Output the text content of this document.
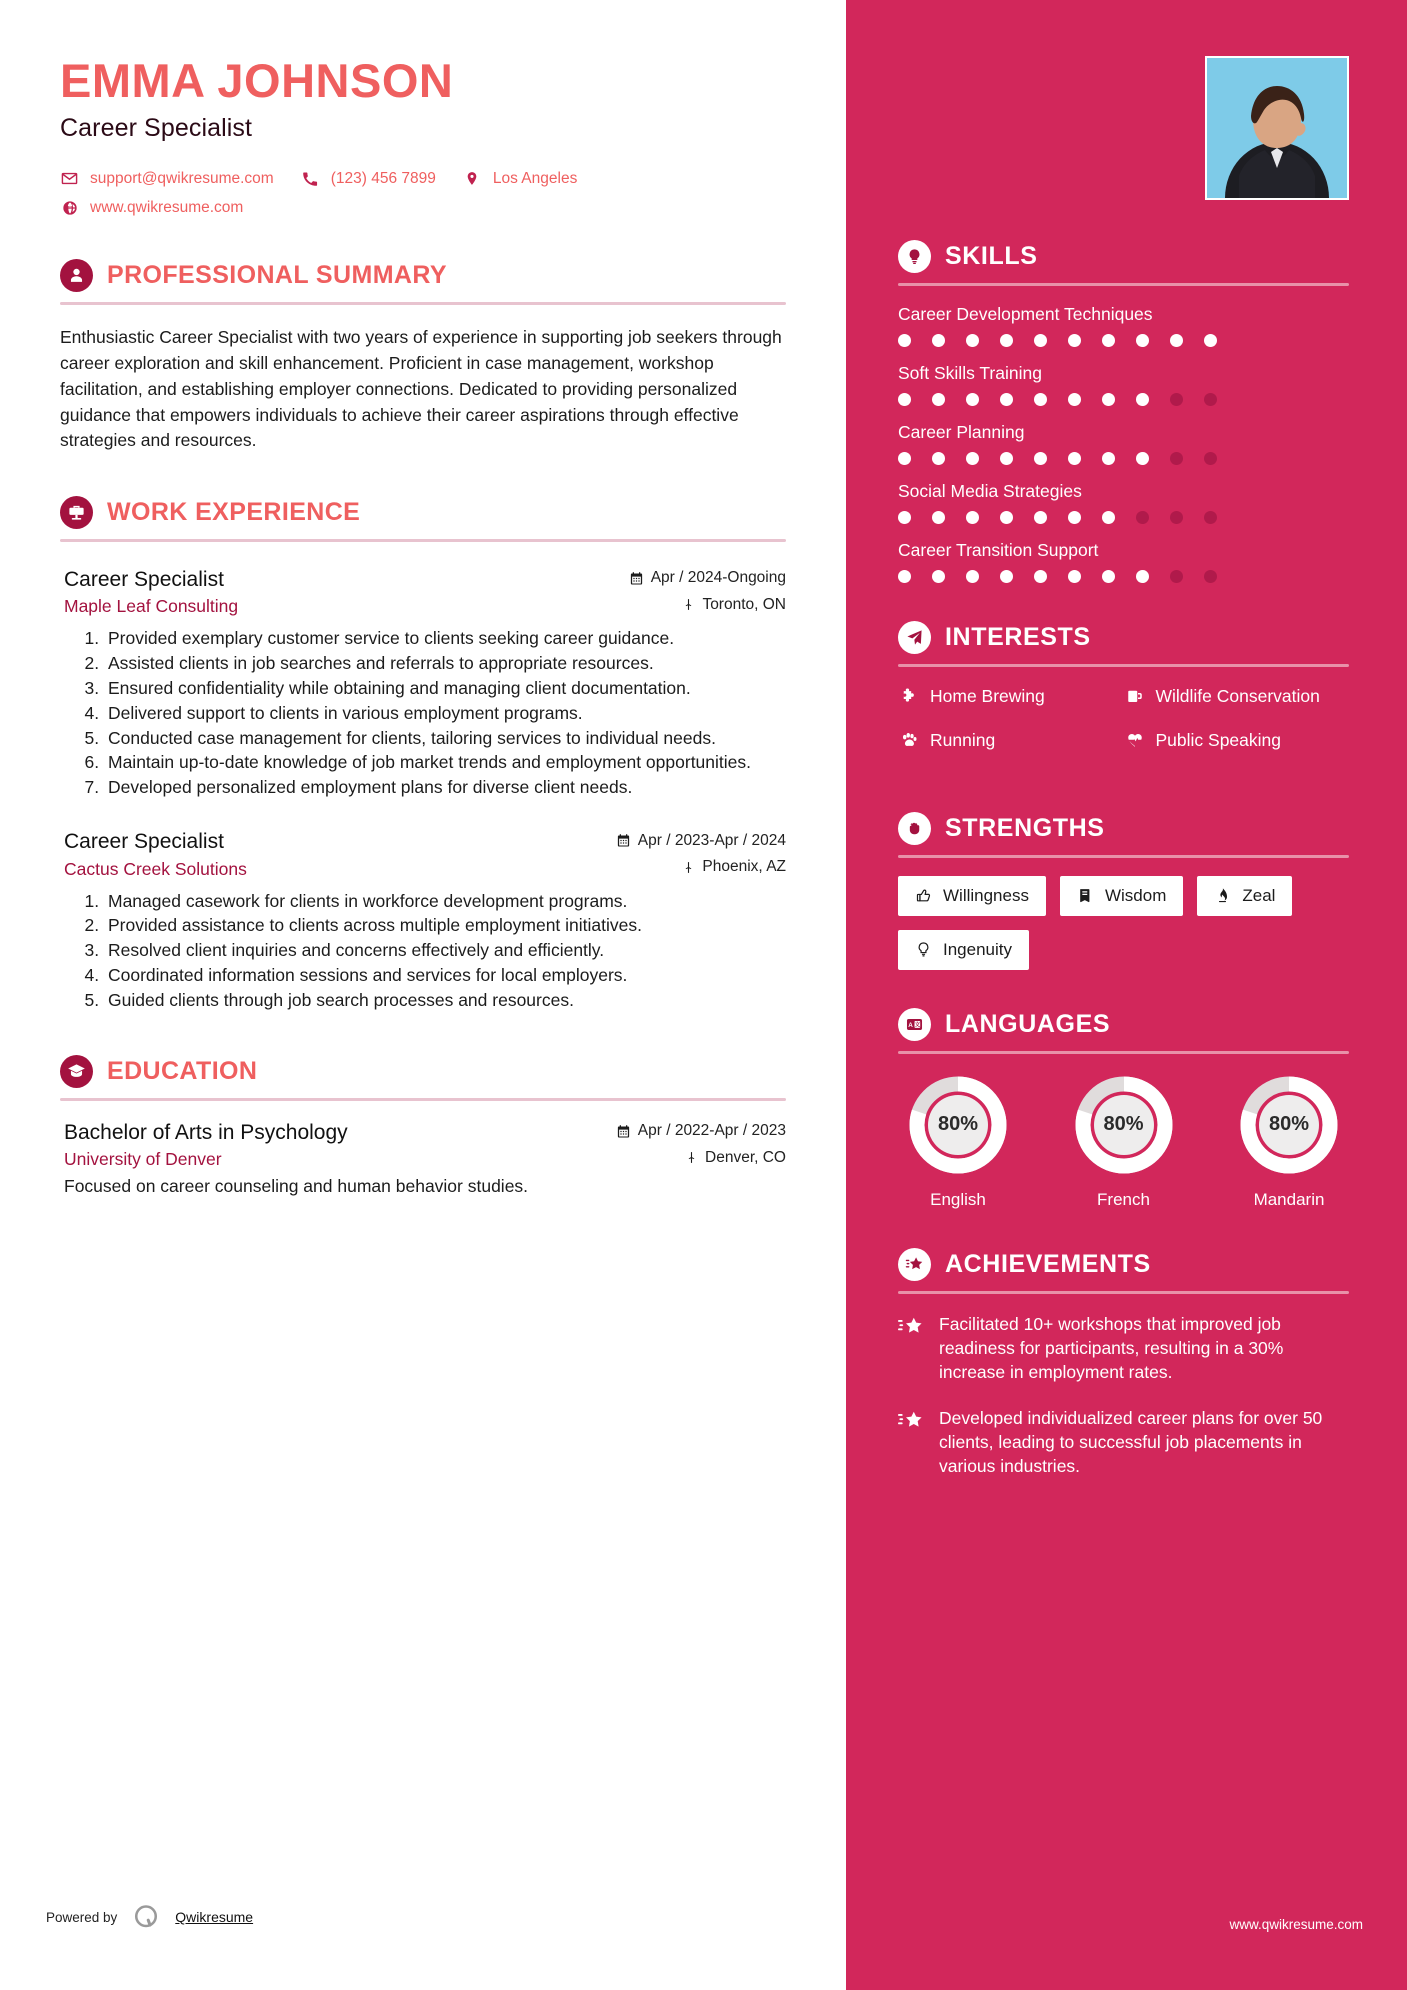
EMMA JOHNSON
Career Specialist
support@qwikresume.com	(123) 456 7899	Los Angeles
www.qwikresume.com
PROFESSIONAL SUMMARY

Enthusiastic Career Specialist with two years of experience in supporting job seekers through career exploration and skill enhancement. Proficient in case management, workshop facilitation, and establishing employer connections. Dedicated to providing personalized guidance that empowers individuals to achieve their career aspirations through effective strategies and resources.

WORK EXPERIENCE
Career Specialist	Apr / 2024-Ongoing
Maple Leaf Consulting	Toronto, ON
1. Provided exemplary customer service to clients seeking career guidance.
2. Assisted clients in job searches and referrals to appropriate resources.
3. Ensured confidentiality while obtaining and managing client documentation.
4. Delivered support to clients in various employment programs.
5. Conducted case management for clients, tailoring services to individual needs.
6. Maintain up-to-date knowledge of job market trends and employment opportunities.
7. Developed personalized employment plans for diverse client needs.
Career Specialist	Apr / 2023-Apr / 2024
Cactus Creek Solutions	Phoenix, AZ
1. Managed casework for clients in workforce development programs.
2. Provided assistance to clients across multiple employment initiatives.
3. Resolved client inquiries and concerns effectively and efficiently.
4. Coordinated information sessions and services for local employers.
5. Guided clients through job search processes and resources.
EDUCATION
Bachelor of Arts in Psychology	Apr / 2022-Apr / 2023
University of Denver	Denver, CO
Focused on career counseling and human behavior studies.
Powered by	Qwikresume
SKILLS
Career Development Techniques
Soft Skills Training
Career Planning
Social Media Strategies
Career Transition Support
INTERESTS
Home Brewing	Wildlife Conservation
Running	Public Speaking
STRENGTHS
Willingness	Wisdom	Zeal
Ingenuity
A 文 LANGUAGES
80%
English
80%
French
80%
Mandarin
ACHIEVEMENTS
Facilitated 10+ workshops that improved job readiness for participants, resulting in a 30% increase in employment rates.
Developed individualized career plans for over 50 clients, leading to successful job placements in various industries.
www.qwikresume.com
